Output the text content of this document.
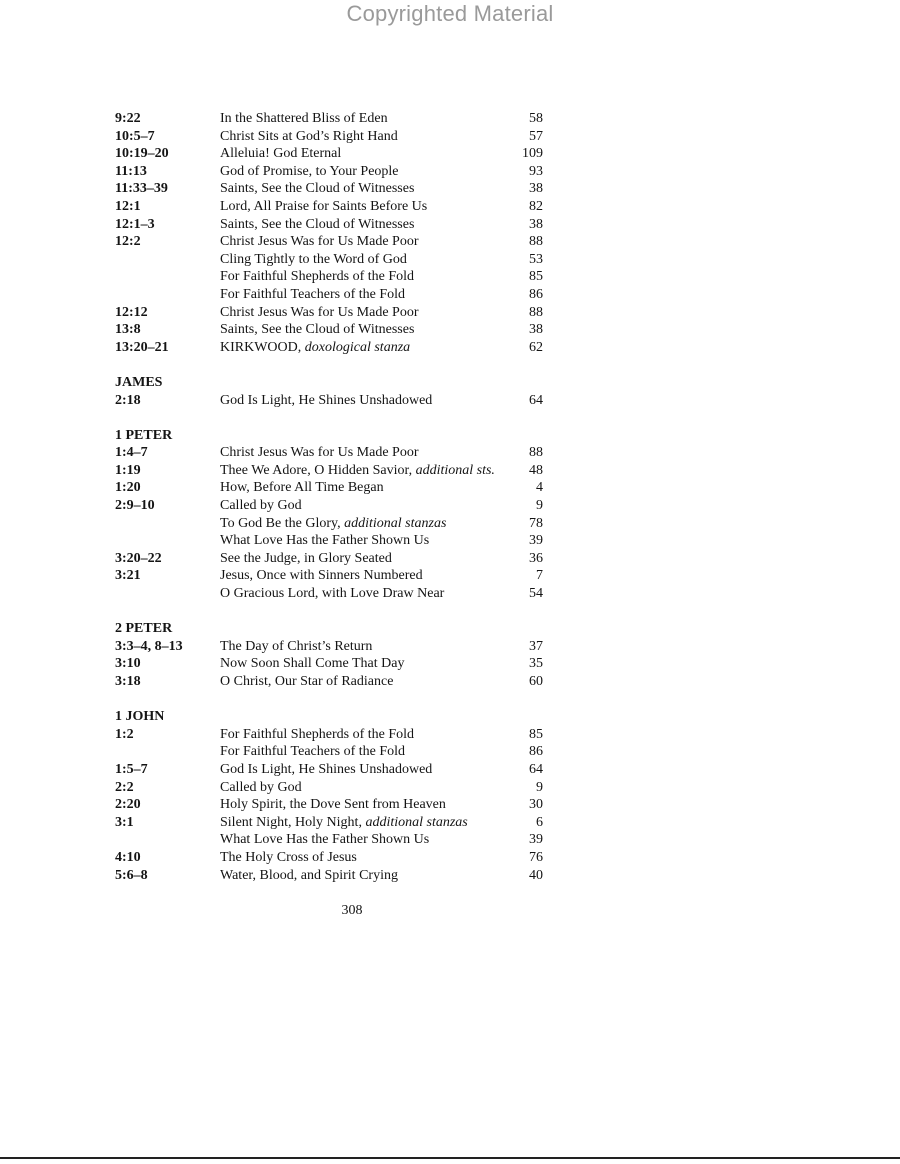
Copyrighted Material
9:22	In the Shattered Bliss of Eden	58
10:5–7	Christ Sits at God’s Right Hand	57
10:19–20	Alleluia! God Eternal	109
11:13	God of Promise, to Your People	93
11:33–39	Saints, See the Cloud of Witnesses	38
12:1	Lord, All Praise for Saints Before Us	82
12:1–3	Saints, See the Cloud of Witnesses	38
12:2	Christ Jesus Was for Us Made Poor	88
Cling Tightly to the Word of God	53
For Faithful Shepherds of the Fold	85
For Faithful Teachers of the Fold	86
12:12	Christ Jesus Was for Us Made Poor	88
13:8	Saints, See the Cloud of Witnesses	38
13:20–21	KIRKWOOD, doxological stanza	62
JAMES
2:18	God Is Light, He Shines Unshadowed	64
1 PETER
1:4–7	Christ Jesus Was for Us Made Poor	88
1:19	Thee We Adore, O Hidden Savior, additional sts. 48
1:20	How, Before All Time Began	4
2:9–10	Called by God	9
To God Be the Glory, additional stanzas	78
What Love Has the Father Shown Us	39
3:20–22	See the Judge, in Glory Seated	36
3:21	Jesus, Once with Sinners Numbered	7
O Gracious Lord, with Love Draw Near	54
2 PETER
3:3–4, 8–13	The Day of Christ’s Return	37
3:10	Now Soon Shall Come That Day	35
3:18	O Christ, Our Star of Radiance	60
1 JOHN
1:2	For Faithful Shepherds of the Fold	85
For Faithful Teachers of the Fold	86
1:5–7	God Is Light, He Shines Unshadowed	64
2:2	Called by God	9
2:20	Holy Spirit, the Dove Sent from Heaven	30
3:1	Silent Night, Holy Night, additional stanzas	6
What Love Has the Father Shown Us	39
4:10	The Holy Cross of Jesus	76
5:6–8	Water, Blood, and Spirit Crying	40
308
